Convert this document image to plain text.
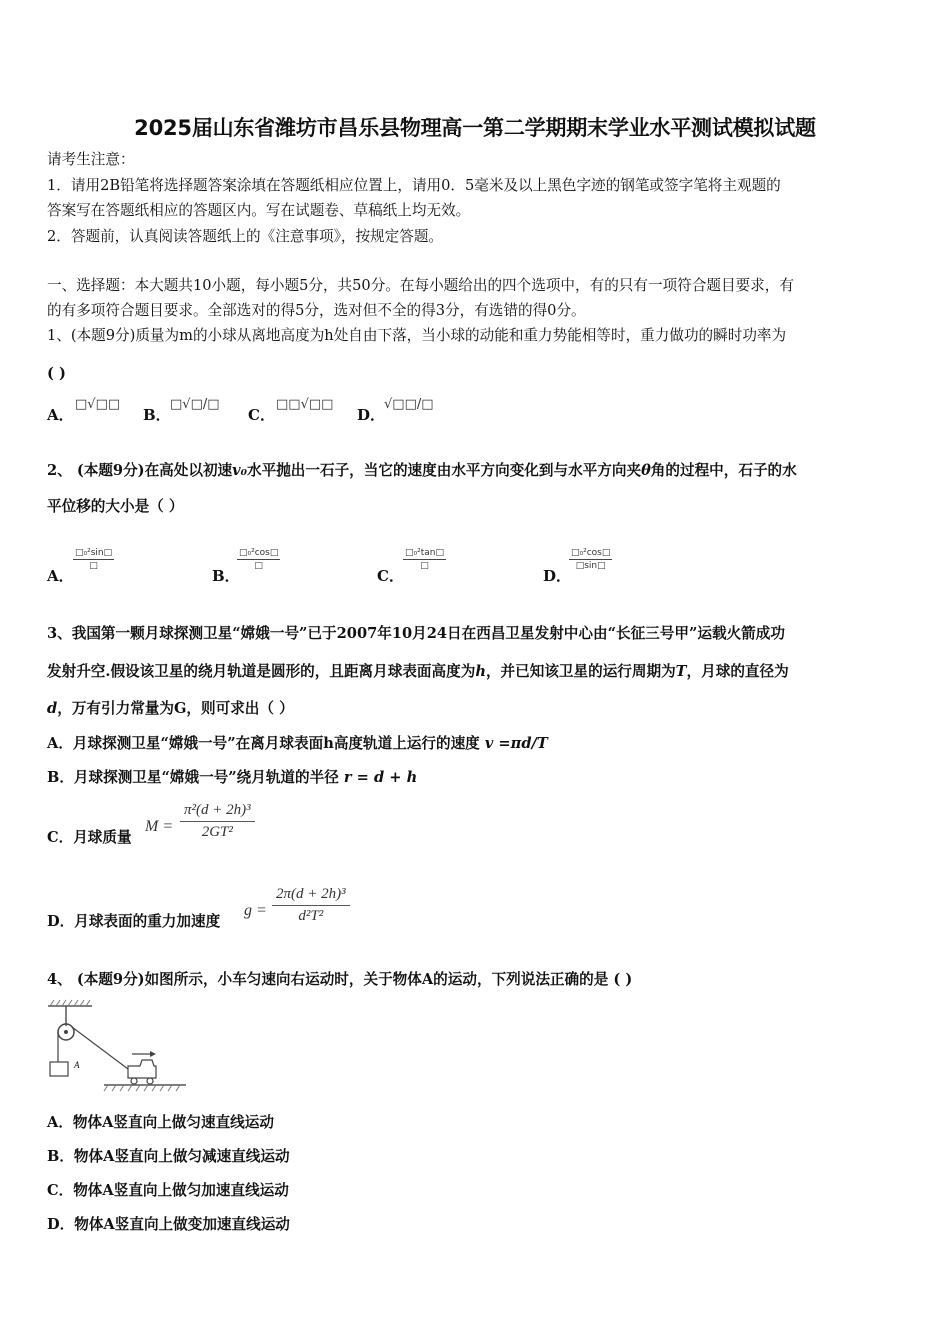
2025届山东省潍坊市昌乐县物理高一第二学期期末学业水平测试模拟试题
请考生注意：
1．请用2B铅笔将选择题答案涂填在答题纸相应位置上，请用0．5毫米及以上黑色字迹的钢笔或签字笔将主观题的
答案写在答题纸相应的答题区内。写在试题卷、草稿纸上均无效。
2．答题前，认真阅读答题纸上的《注意事项》，按规定答题。
一、选择题：本大题共10小题，每小题5分，共50分。在每小题给出的四个选项中，有的只有一项符合题目要求，有
的有多项符合题目要求。全部选对的得5分，选对但不全的得3分，有选错的得0分。
1、(本题9分)质量为m的小球从离地高度为h处自由下落，当小球的动能和重力势能相等时，重力做功的瞬时功率为
( )
A．
□√□□
B．
□√□/□
C．
□□√□□
D．
√□□/□
2、 (本题9分)在高处以初速v₀水平抛出一石子，当它的速度由水平方向变化到与水平方向夹θ角的过程中，石子的水
平位移的大小是（ ）
A．
□₀²sin□
□
B．
□₀²cos□
□
C．
□₀²tan□
□
D．
$\frac{\text{□₀²cos□}}{□\sin□}$
3、我国第一颗月球探测卫星“嫦娥一号”已于2007年10月24日在西昌卫星发射中心由“长征三号甲”运载火箭成功
发射升空.假设该卫星的绕月轨道是圆形的，且距离月球表面高度为h，并已知该卫星的运行周期为T，月球的直径为
d，万有引力常量为G，则可求出（ ）
A．月球探测卫星“嫦娥一号”在离月球表面h高度轨道上运行的速度 v =πd/T
B．月球探测卫星“嫦娥一号”绕月轨道的半径 r = d + h
C．月球质量
$M = \frac{\text{π²(d + 2h)³}}{\text{2GT²}}$
D．月球表面的重力加速度
$g = \frac{\text{2π(d + 2h)³}}{\text{d²T²}}$
4、 (本题9分)如图所示，小车匀速向右运动时，关于物体A的运动，下列说法正确的是 ( )
A
A．物体A竖直向上做匀速直线运动
B．物体A竖直向上做匀减速直线运动
C．物体A竖直向上做匀加速直线运动
D．物体A竖直向上做变加速直线运动
